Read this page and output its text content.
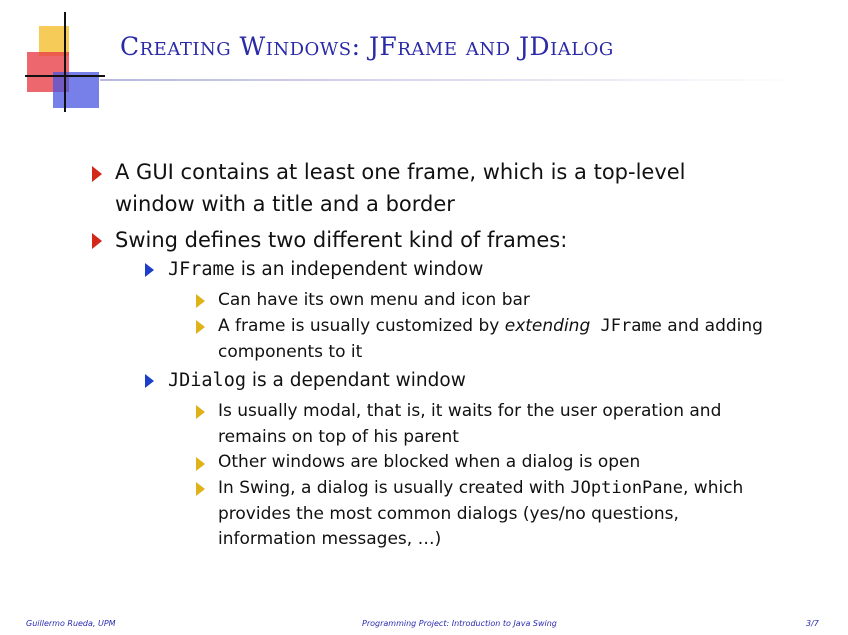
Creating Windows: JFrame and JDialog
A GUI contains at least one frame, which is a top-level window with a title and a border
Swing defines two different kind of frames:
JFrame is an independent window
Can have its own menu and icon bar
A frame is usually customized by extending JFrame and adding components to it
JDialog is a dependant window
Is usually modal, that is, it waits for the user operation and remains on top of his parent
Other windows are blocked when a dialog is open
In Swing, a dialog is usually created with JOptionPane, which provides the most common dialogs (yes/no questions, information messages, …)
Guillermo Rueda, UPM	Programming Project: Introduction to Java Swing	3/7
